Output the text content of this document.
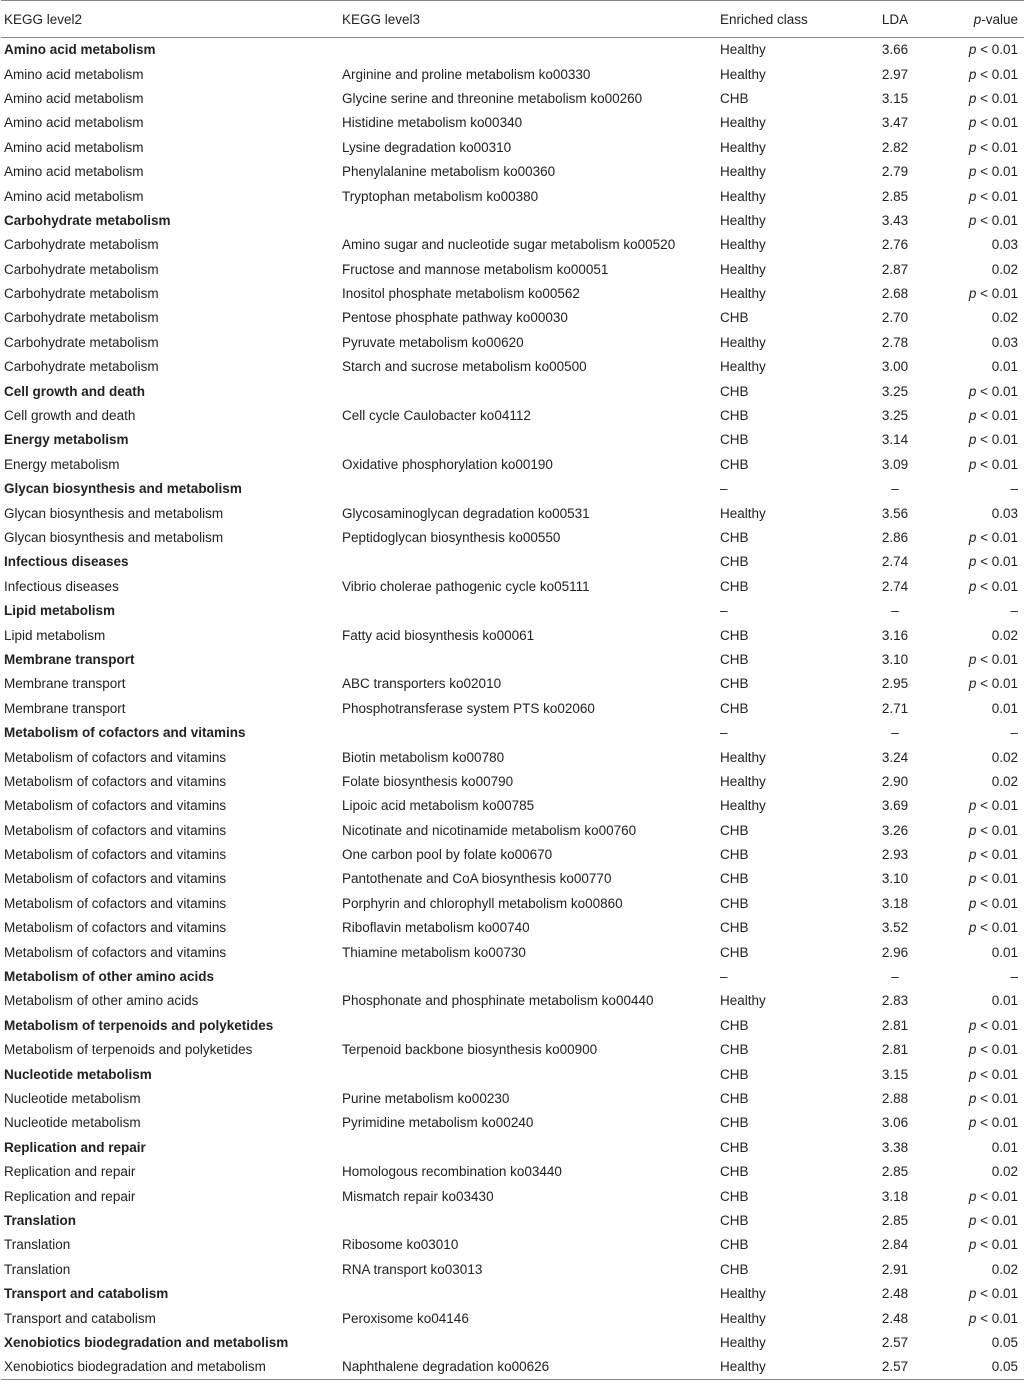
KEGG level2	KEGG level3	Enriched class	LDA	p-value
Amino acid metabolism		Healthy	3.66	p < 0.01
Amino acid metabolism	Arginine and proline metabolism ko00330	Healthy	2.97	p < 0.01
Amino acid metabolism	Glycine serine and threonine metabolism ko00260	CHB	3.15	p < 0.01
Amino acid metabolism	Histidine metabolism ko00340	Healthy	3.47	p < 0.01
Amino acid metabolism	Lysine degradation ko00310	Healthy	2.82	p < 0.01
Amino acid metabolism	Phenylalanine metabolism ko00360	Healthy	2.79	p < 0.01
Amino acid metabolism	Tryptophan metabolism ko00380	Healthy	2.85	p < 0.01
Carbohydrate metabolism		Healthy	3.43	p < 0.01
Carbohydrate metabolism	Amino sugar and nucleotide sugar metabolism ko00520	Healthy	2.76	0.03
Carbohydrate metabolism	Fructose and mannose metabolism ko00051	Healthy	2.87	0.02
Carbohydrate metabolism	Inositol phosphate metabolism ko00562	Healthy	2.68	p < 0.01
Carbohydrate metabolism	Pentose phosphate pathway ko00030	CHB	2.70	0.02
Carbohydrate metabolism	Pyruvate metabolism ko00620	Healthy	2.78	0.03
Carbohydrate metabolism	Starch and sucrose metabolism ko00500	Healthy	3.00	0.01
Cell growth and death		CHB	3.25	p < 0.01
Cell growth and death	Cell cycle Caulobacter ko04112	CHB	3.25	p < 0.01
Energy metabolism		CHB	3.14	p < 0.01
Energy metabolism	Oxidative phosphorylation ko00190	CHB	3.09	p < 0.01
Glycan biosynthesis and metabolism		–	–	–
Glycan biosynthesis and metabolism	Glycosaminoglycan degradation ko00531	Healthy	3.56	0.03
Glycan biosynthesis and metabolism	Peptidoglycan biosynthesis ko00550	CHB	2.86	p < 0.01
Infectious diseases		CHB	2.74	p < 0.01
Infectious diseases	Vibrio cholerae pathogenic cycle ko05111	CHB	2.74	p < 0.01
Lipid metabolism		–	–	–
Lipid metabolism	Fatty acid biosynthesis ko00061	CHB	3.16	0.02
Membrane transport		CHB	3.10	p < 0.01
Membrane transport	ABC transporters ko02010	CHB	2.95	p < 0.01
Membrane transport	Phosphotransferase system PTS ko02060	CHB	2.71	0.01
Metabolism of cofactors and vitamins		–	–	–
Metabolism of cofactors and vitamins	Biotin metabolism ko00780	Healthy	3.24	0.02
Metabolism of cofactors and vitamins	Folate biosynthesis ko00790	Healthy	2.90	0.02
Metabolism of cofactors and vitamins	Lipoic acid metabolism ko00785	Healthy	3.69	p < 0.01
Metabolism of cofactors and vitamins	Nicotinate and nicotinamide metabolism ko00760	CHB	3.26	p < 0.01
Metabolism of cofactors and vitamins	One carbon pool by folate ko00670	CHB	2.93	p < 0.01
Metabolism of cofactors and vitamins	Pantothenate and CoA biosynthesis ko00770	CHB	3.10	p < 0.01
Metabolism of cofactors and vitamins	Porphyrin and chlorophyll metabolism ko00860	CHB	3.18	p < 0.01
Metabolism of cofactors and vitamins	Riboflavin metabolism ko00740	CHB	3.52	p < 0.01
Metabolism of cofactors and vitamins	Thiamine metabolism ko00730	CHB	2.96	0.01
Metabolism of other amino acids		–	–	–
Metabolism of other amino acids	Phosphonate and phosphinate metabolism ko00440	Healthy	2.83	0.01
Metabolism of terpenoids and polyketides		CHB	2.81	p < 0.01
Metabolism of terpenoids and polyketides	Terpenoid backbone biosynthesis ko00900	CHB	2.81	p < 0.01
Nucleotide metabolism		CHB	3.15	p < 0.01
Nucleotide metabolism	Purine metabolism ko00230	CHB	2.88	p < 0.01
Nucleotide metabolism	Pyrimidine metabolism ko00240	CHB	3.06	p < 0.01
Replication and repair		CHB	3.38	0.01
Replication and repair	Homologous recombination ko03440	CHB	2.85	0.02
Replication and repair	Mismatch repair ko03430	CHB	3.18	p < 0.01
Translation		CHB	2.85	p < 0.01
Translation	Ribosome ko03010	CHB	2.84	p < 0.01
Translation	RNA transport ko03013	CHB	2.91	0.02
Transport and catabolism		Healthy	2.48	p < 0.01
Transport and catabolism	Peroxisome ko04146	Healthy	2.48	p < 0.01
Xenobiotics biodegradation and metabolism		Healthy	2.57	0.05
Xenobiotics biodegradation and metabolism	Naphthalene degradation ko00626	Healthy	2.57	0.05
